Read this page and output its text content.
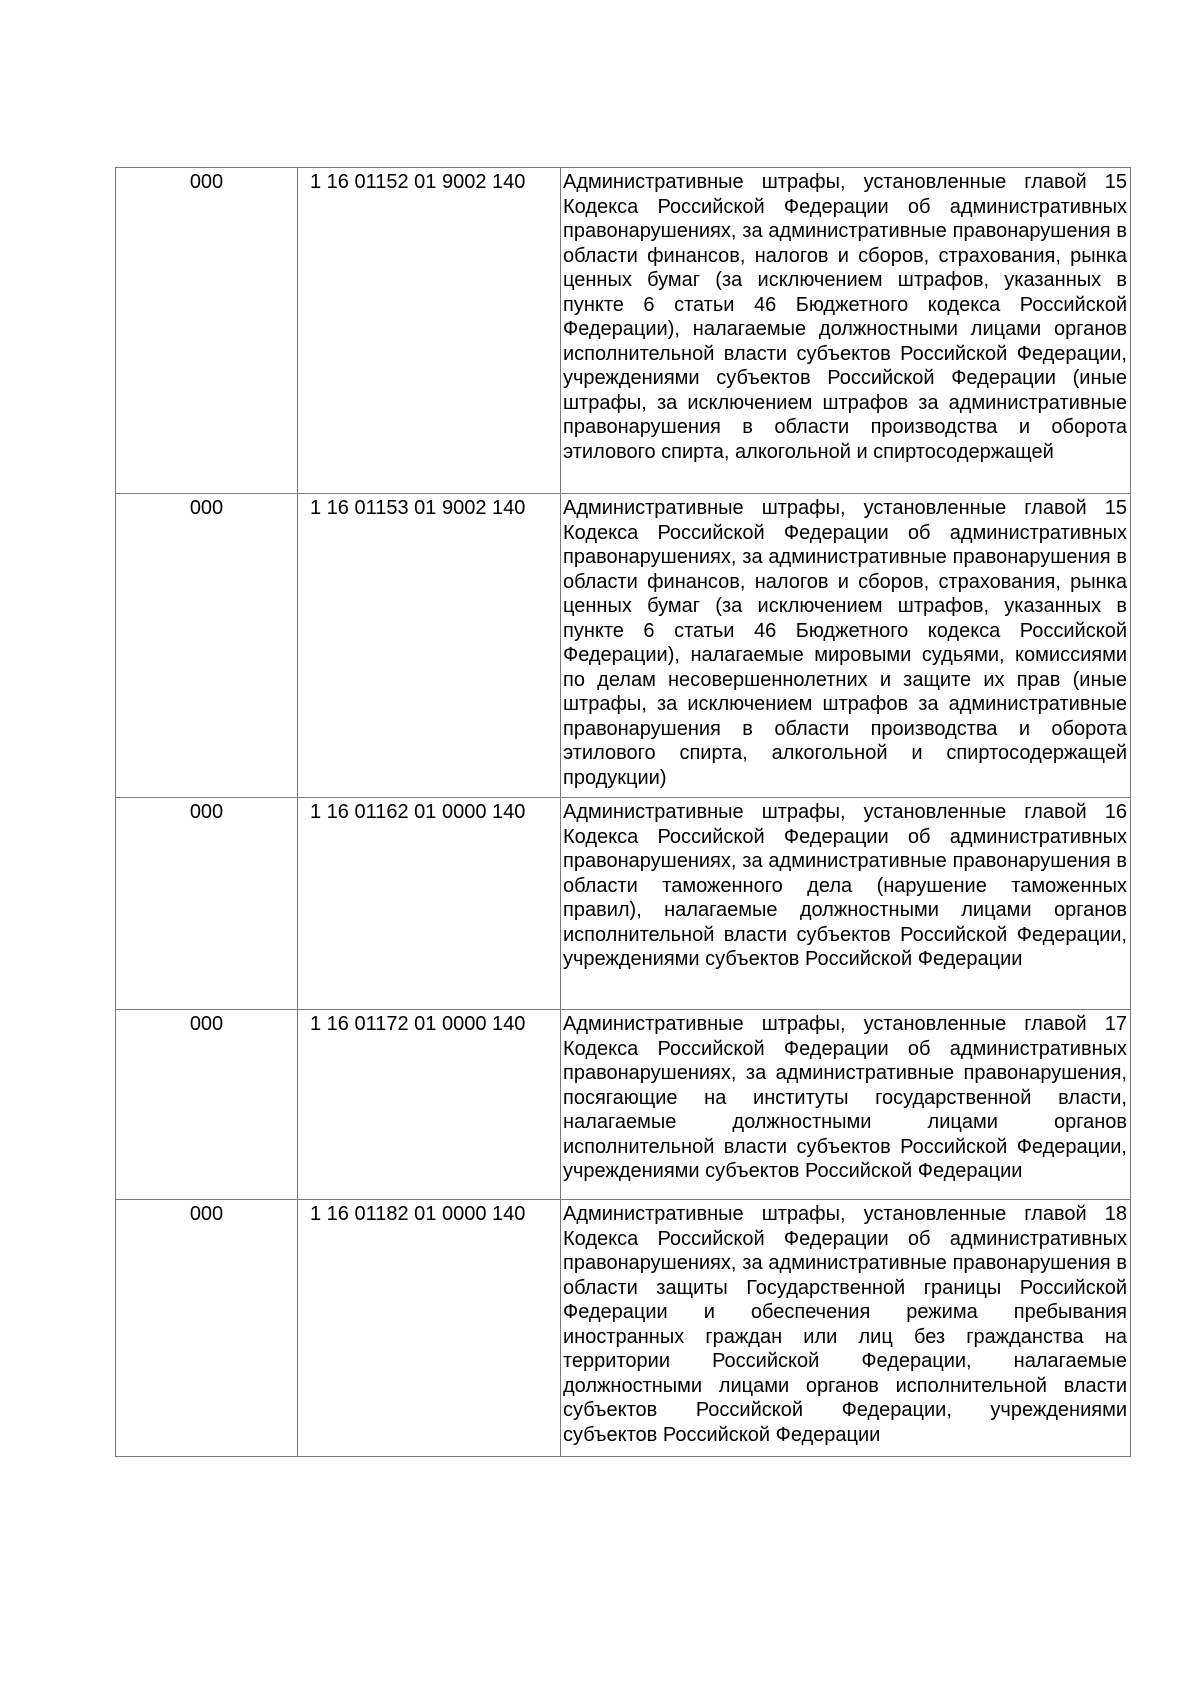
000	1 16 01152 01 9002 140 Административные штрафы, установленные главой 15 Кодекса Российской Федерации об административных правонарушениях, за административные правонарушения в области финансов, налогов и сборов, страхования, рынка ценных бумаг (за исключением штрафов, указанных в пункте 6 статьи 46 Бюджетного кодекса Российской Федерации), налагаемые должностными лицами органов исполнительной власти субъектов Российской Федерации, учреждениями субъектов Российской Федерации (иные штрафы, за исключением штрафов за административные правонарушения в области производства и оборота этилового спирта, алкогольной и спиртосодержащей
000	1 16 01153 01 9002 140 Административные штрафы, установленные главой 15 Кодекса Российской Федерации об административных правонарушениях, за административные правонарушения в области финансов, налогов и сборов, страхования, рынка ценных бумаг (за исключением штрафов, указанных в пункте 6 статьи 46 Бюджетного кодекса Российской Федерации), налагаемые мировыми судьями, комиссиями по делам несовершеннолетних и защите их прав (иные штрафы, за исключением штрафов за административные правонарушения в области производства и оборота этилового спирта, алкогольной и спиртосодержащей продукции)
000	1 16 01162 01 0000 140 Административные штрафы, установленные главой 16 Кодекса Российской Федерации об административных правонарушениях, за административные правонарушения в области таможенного дела (нарушение таможенных правил), налагаемые должностными лицами органов исполнительной власти субъектов Российской Федерации, учреждениями субъектов Российской Федерации
000	1 16 01172 01 0000 140 Административные штрафы, установленные главой 17 Кодекса Российской Федерации об административных правонарушениях, за административные правонарушения, посягающие на институты государственной власти, налагаемые должностными лицами органов исполнительной власти субъектов Российской Федерации, учреждениями субъектов Российской Федерации
000	1 16 01182 01 0000 140 Административные штрафы, установленные главой 18 Кодекса Российской Федерации об административных правонарушениях, за административные правонарушения в области защиты Государственной границы Российской Федерации и обеспечения режима пребывания иностранных граждан или лиц без гражданства на территории Российской Федерации, налагаемые должностными лицами органов исполнительной власти субъектов Российской Федерации, учреждениями субъектов Российской Федерации
